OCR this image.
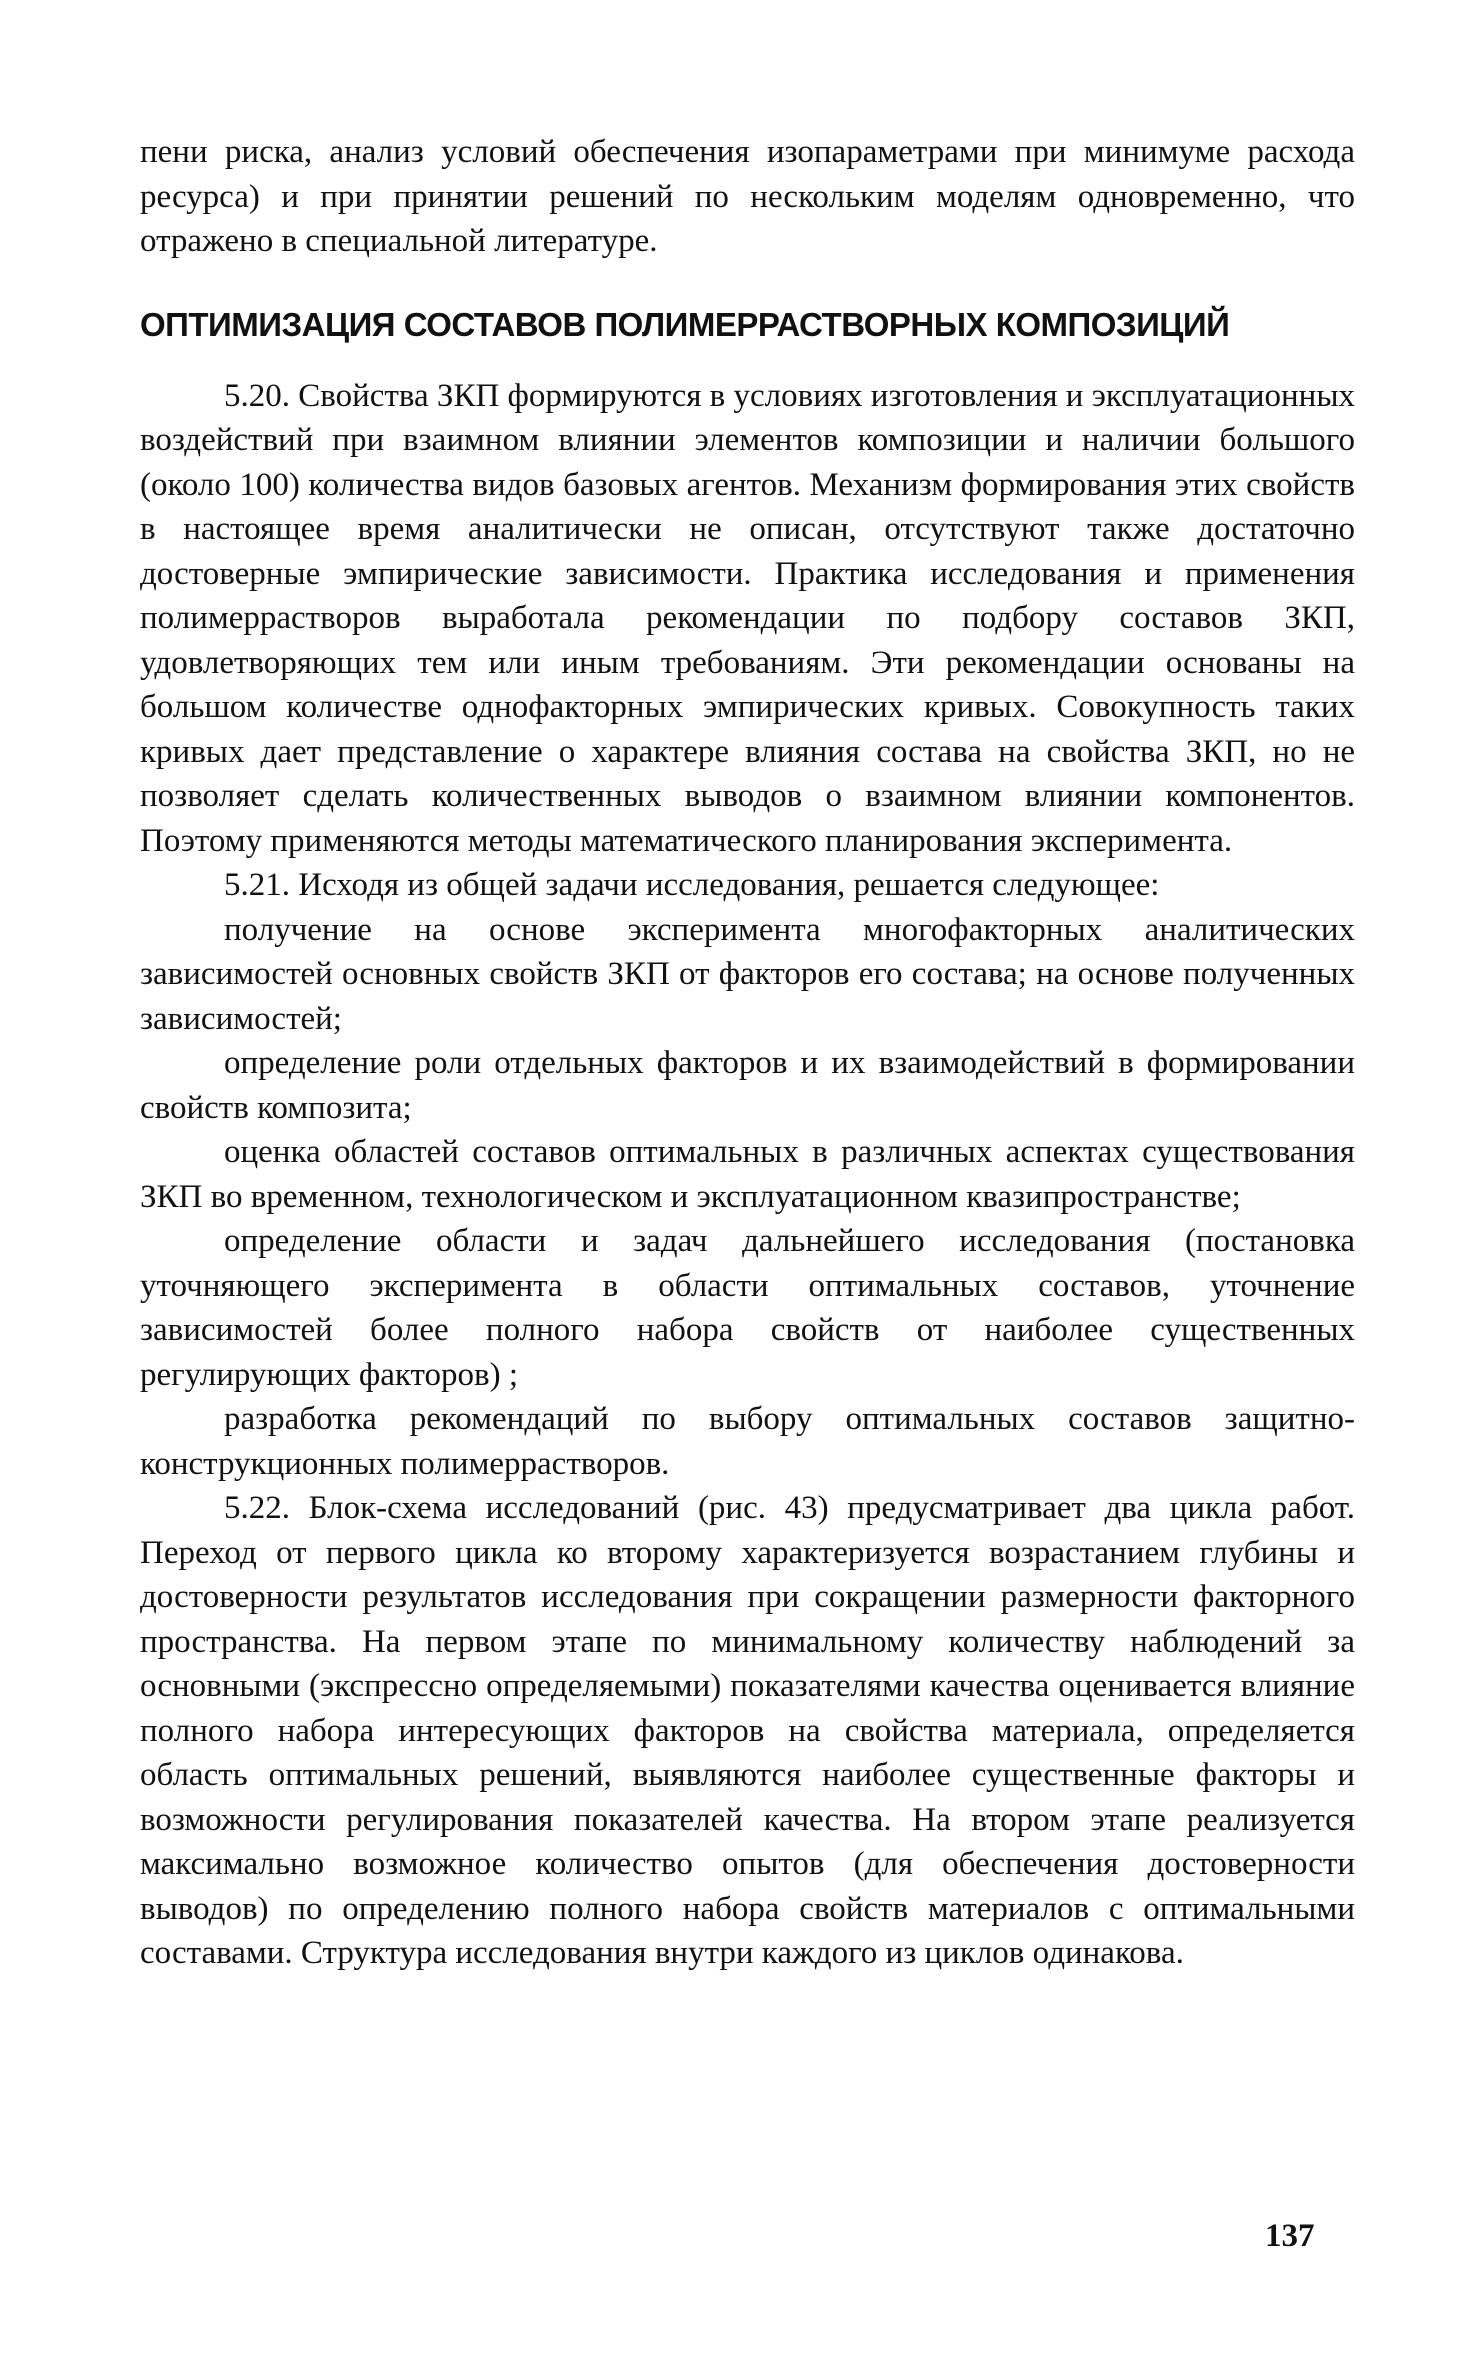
пени риска, анализ условий обеспечения изопараметрами при минимуме расхода ресурса) и при принятии решений по нескольким моделям одновременно, что отражено в специальной литературе.

ОПТИМИЗАЦИЯ СОСТАВОВ ПОЛИМЕРРАСТВОРНЫХ КОМПОЗИЦИЙ

5.20. Свойства ЗКП формируются в условиях изготовления и эксплуатационных воздействий при взаимном влиянии элементов композиции и наличии большого (около 100) количества видов базовых агентов. Механизм формирования этих свойств в настоящее время аналитически не описан, отсутствуют также достаточно достоверные эмпирические зависимости. Практика исследования и применения полимеррастворов выработала рекомендации по подбору составов ЗКП, удовлетворяющих тем или иным требованиям. Эти рекомендации основаны на большом количестве однофакторных эмпирических кривых. Совокупность таких кривых дает представление о характере влияния состава на свойства ЗКП, но не позволяет сделать количественных выводов о взаимном влиянии компонентов. Поэтому применяются методы математического планирования эксперимента.

5.21. Исходя из общей задачи исследования, решается следующее:

получение на основе эксперимента многофакторных аналитических зависимостей основных свойств ЗКП от факторов его состава; на основе полученных зависимостей;

определение роли отдельных факторов и их взаимодействий в формировании свойств композита;

оценка областей составов оптимальных в различных аспектах существования ЗКП во временном, технологическом и эксплуатационном квазипространстве;

определение области и задач дальнейшего исследования (постановка уточняющего эксперимента в области оптимальных составов, уточнение зависимостей более полного набора свойств от наиболее существенных регулирующих факторов) ;

разработка рекомендаций по выбору оптимальных составов защитно-конструкционных полимеррастворов.

5.22. Блок-схема исследований (рис. 43) предусматривает два цикла работ. Переход от первого цикла ко второму характеризуется возрастанием глубины и достоверности результатов исследования при сокращении размерности факторного пространства. На первом этапе по минимальному количеству наблюдений за основными (экспрессно определяемыми) показателями качества оценивается влияние полного набора интересующих факторов на свойства материала, определяется область оптимальных решений, выявляются наиболее существенные факторы и возможности регулирования показателей качества. На втором этапе реализуется максимально возможное количество опытов (для обеспечения достоверности выводов) по определению полного набора свойств материалов с оптимальными составами. Структура исследования внутри каждого из циклов одинакова.

137
